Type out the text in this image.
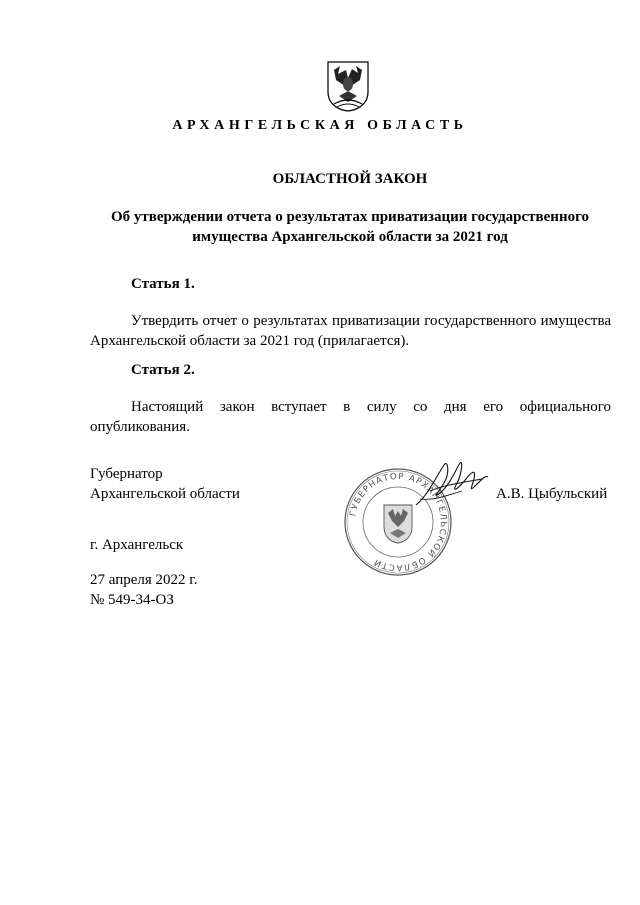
АРХАНГЕЛЬСКАЯ ОБЛАСТЬ
ОБЛАСТНОЙ ЗАКОН
Об утверждении отчета о результатах приватизации государственного имущества Архангельской области за 2021 год
Статья 1.
Утвердить отчет о результатах приватизации государственного имущества Архангельской области за 2021 год (прилагается).
Статья 2.
Настоящий закон вступает в силу со дня его официального опубликования.
Губернатор
Архангельской области	А.В. Цыбульский
ГУБЕРНАТОР АРХАНГЕЛЬСКОЙ ОБЛАСТИ
г. Архангельск
27 апреля 2022 г.
№ 549-34-ОЗ
